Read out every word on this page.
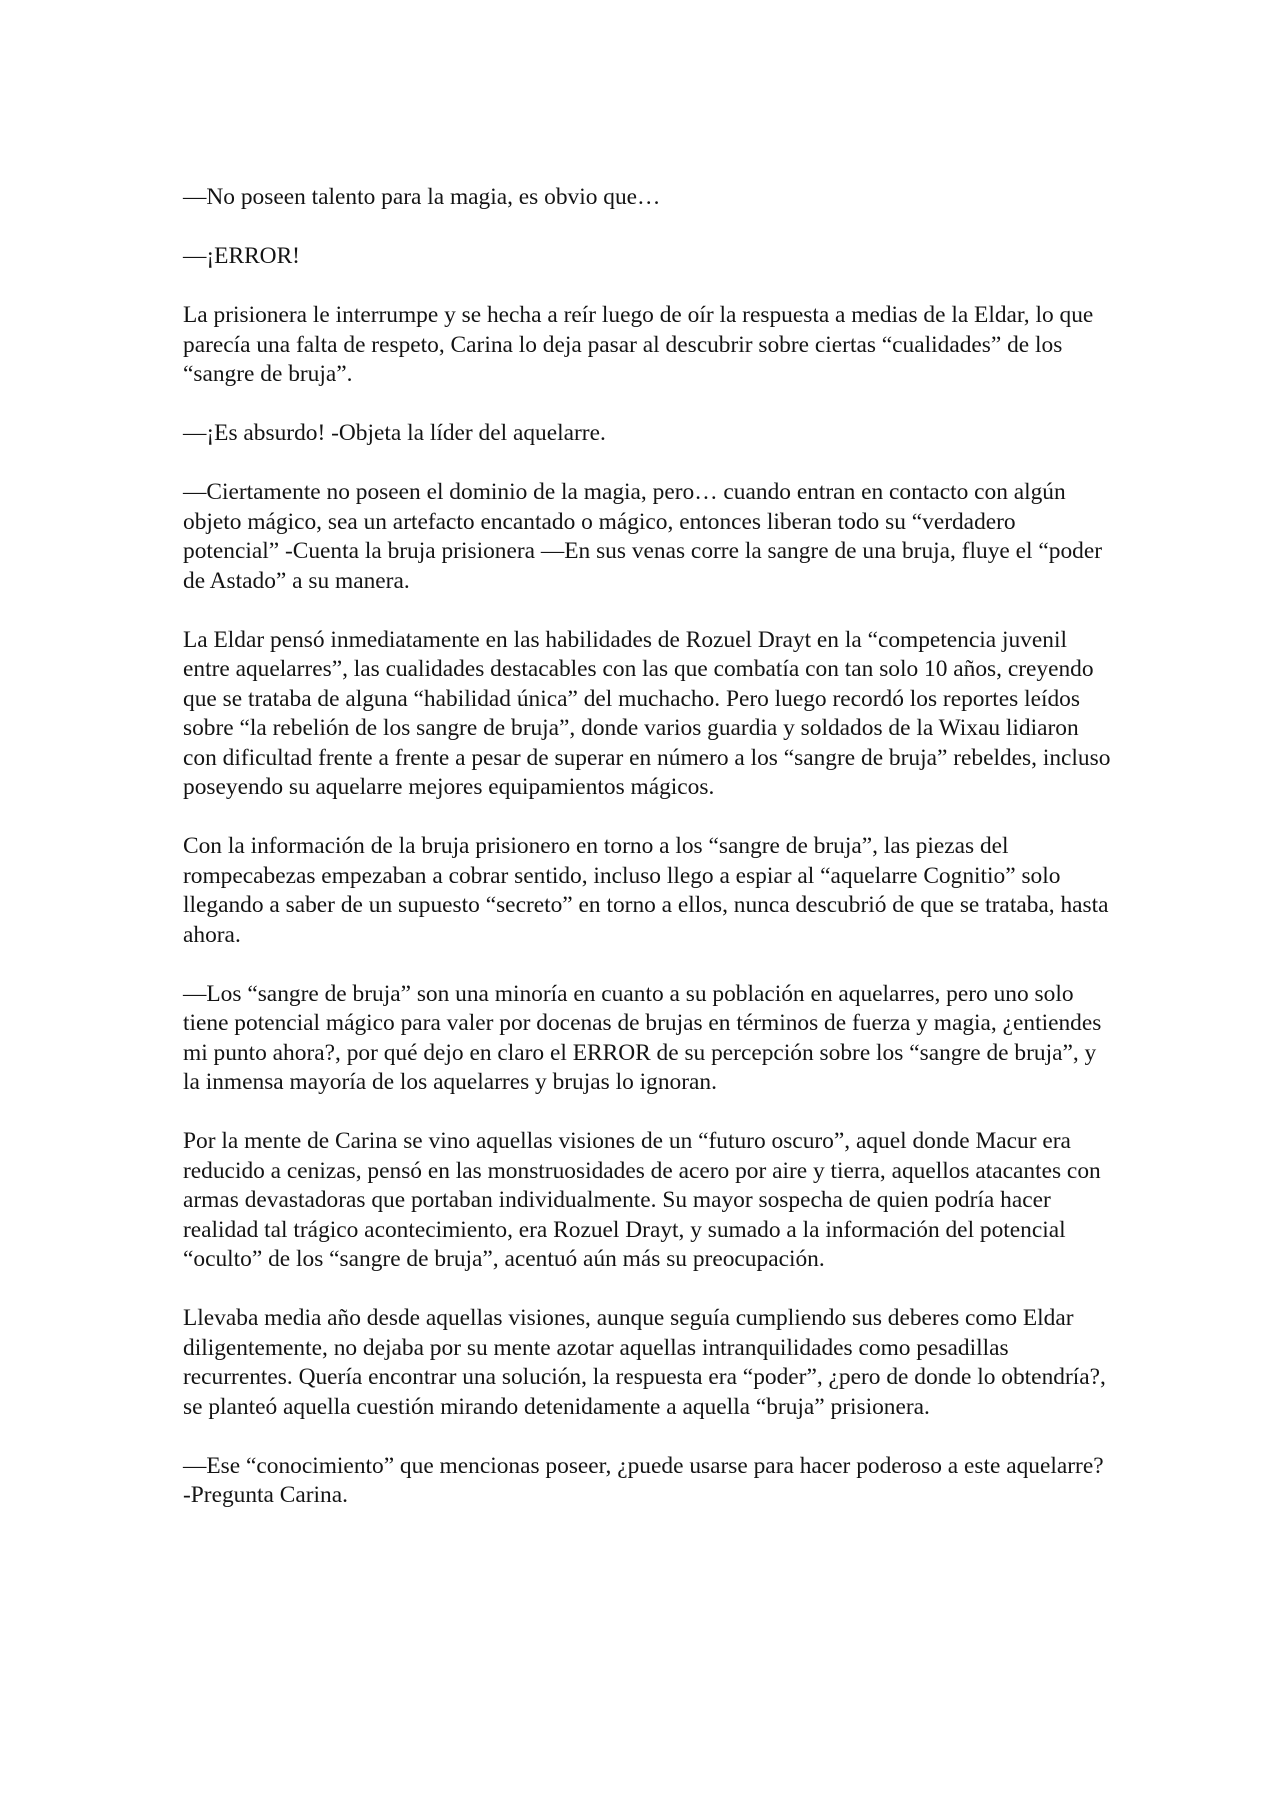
—No poseen talento para la magia, es obvio que…

—¡ERROR!

La prisionera le interrumpe y se hecha a reír luego de oír la respuesta a medias de la Eldar, lo que parecía una falta de respeto, Carina lo deja pasar al descubrir sobre ciertas “cualidades” de los “sangre de bruja”.

—¡Es absurdo! -Objeta la líder del aquelarre.

—Ciertamente no poseen el dominio de la magia, pero… cuando entran en contacto con algún objeto mágico, sea un artefacto encantado o mágico, entonces liberan todo su “verdadero potencial” -Cuenta la bruja prisionera —En sus venas corre la sangre de una bruja, fluye el “poder de Astado” a su manera.

La Eldar pensó inmediatamente en las habilidades de Rozuel Drayt en la “competencia juvenil entre aquelarres”, las cualidades destacables con las que combatía con tan solo 10 años, creyendo que se trataba de alguna “habilidad única” del muchacho. Pero luego recordó los reportes leídos sobre “la rebelión de los sangre de bruja”, donde varios guardia y soldados de la Wixau lidiaron con dificultad frente a frente a pesar de superar en número a los “sangre de bruja” rebeldes, incluso poseyendo su aquelarre mejores equipamientos mágicos.

Con la información de la bruja prisionero en torno a los “sangre de bruja”, las piezas del rompecabezas empezaban a cobrar sentido, incluso llego a espiar al “aquelarre Cognitio” solo llegando a saber de un supuesto “secreto” en torno a ellos, nunca descubrió de que se trataba, hasta ahora.

—Los “sangre de bruja” son una minoría en cuanto a su población en aquelarres, pero uno solo tiene potencial mágico para valer por docenas de brujas en términos de fuerza y magia, ¿entiendes mi punto ahora?, por qué dejo en claro el ERROR de su percepción sobre los “sangre de bruja”, y la inmensa mayoría de los aquelarres y brujas lo ignoran.

Por la mente de Carina se vino aquellas visiones de un “futuro oscuro”, aquel donde Macur era reducido a cenizas, pensó en las monstruosidades de acero por aire y tierra, aquellos atacantes con armas devastadoras que portaban individualmente. Su mayor sospecha de quien podría hacer realidad tal trágico acontecimiento, era Rozuel Drayt, y sumado a la información del potencial “oculto” de los “sangre de bruja”, acentuó aún más su preocupación.

Llevaba media año desde aquellas visiones, aunque seguía cumpliendo sus deberes como Eldar diligentemente, no dejaba por su mente azotar aquellas intranquilidades como pesadillas recurrentes. Quería encontrar una solución, la respuesta era “poder”, ¿pero de donde lo obtendría?, se planteó aquella cuestión mirando detenidamente a aquella “bruja” prisionera.

—Ese “conocimiento” que mencionas poseer, ¿puede usarse para hacer poderoso a este aquelarre? -Pregunta Carina.
